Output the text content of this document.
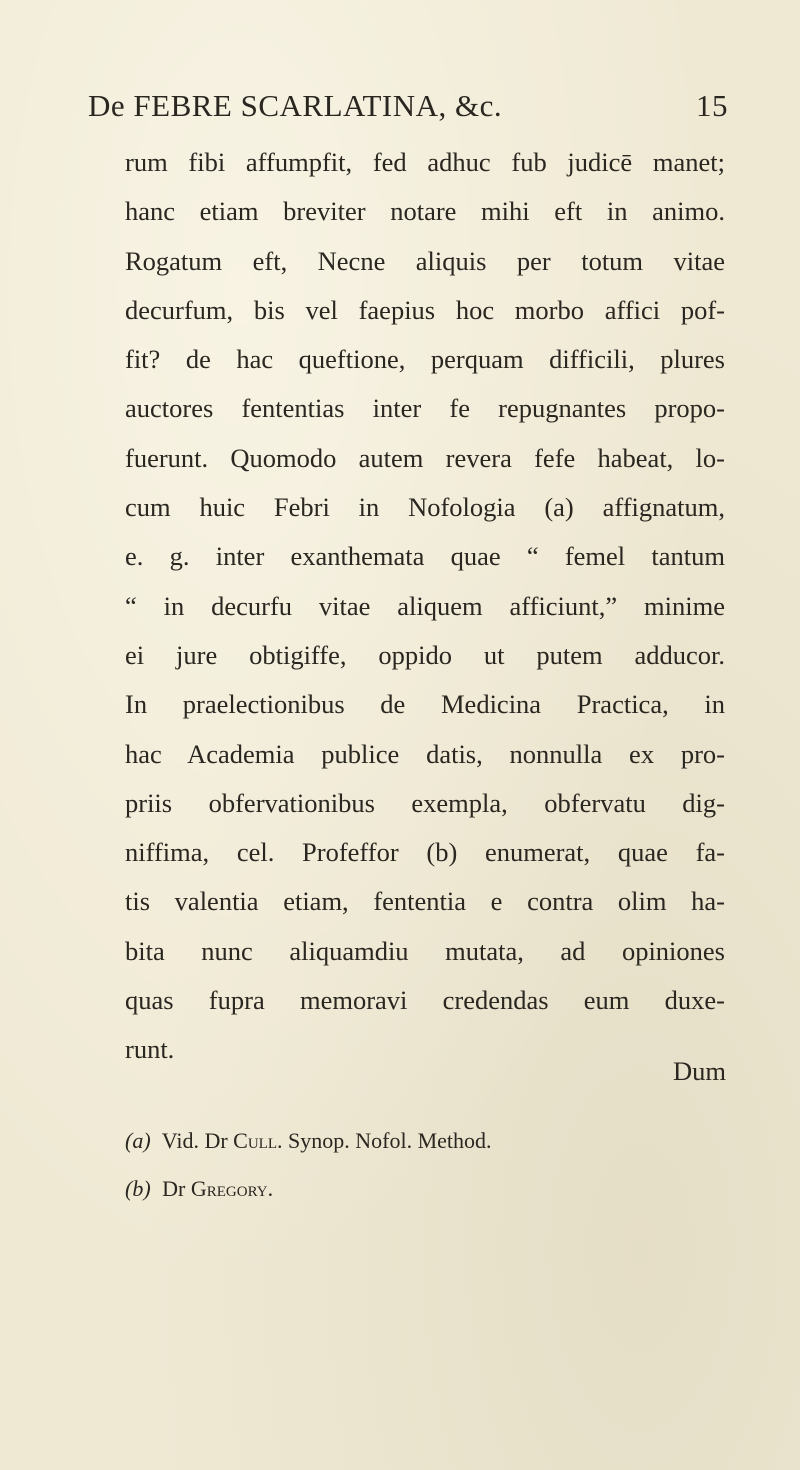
De FEBRE SCARLATINA, &c.	15
rum fibi affumpfit, fed adhuc fub judicē manet;
hanc etiam breviter notare mihi eft in animo.
Rogatum eft, Necne aliquis per totum vitae
decurfum, bis vel faepius hoc morbo affici pof-
fit? de hac queftione, perquam difficili, plures
auctores fententias inter fe repugnantes propo-
fuerunt. Quomodo autem revera fefe habeat, lo-
cum huic Febri in Nofologia (a) affignatum,
e. g. inter exanthemata quae “ femel tantum
“ in decurfu vitae aliquem afficiunt,” minime
ei jure obtigiffe, oppido ut putem adducor.
In praelectionibus de Medicina Practica, in
hac Academia publice datis, nonnulla ex pro-
priis obfervationibus exempla, obfervatu dig-
niffima, cel. Profeffor (b) enumerat, quae fa-
tis valentia etiam, fententia e contra olim ha-
bita nunc aliquamdiu mutata, ad opiniones
quas fupra memoravi credendas eum duxe-
runt.
Dum
(a) Vid. Dr Cull. Synop. Nofol. Method.
(b) Dr Gregory.
